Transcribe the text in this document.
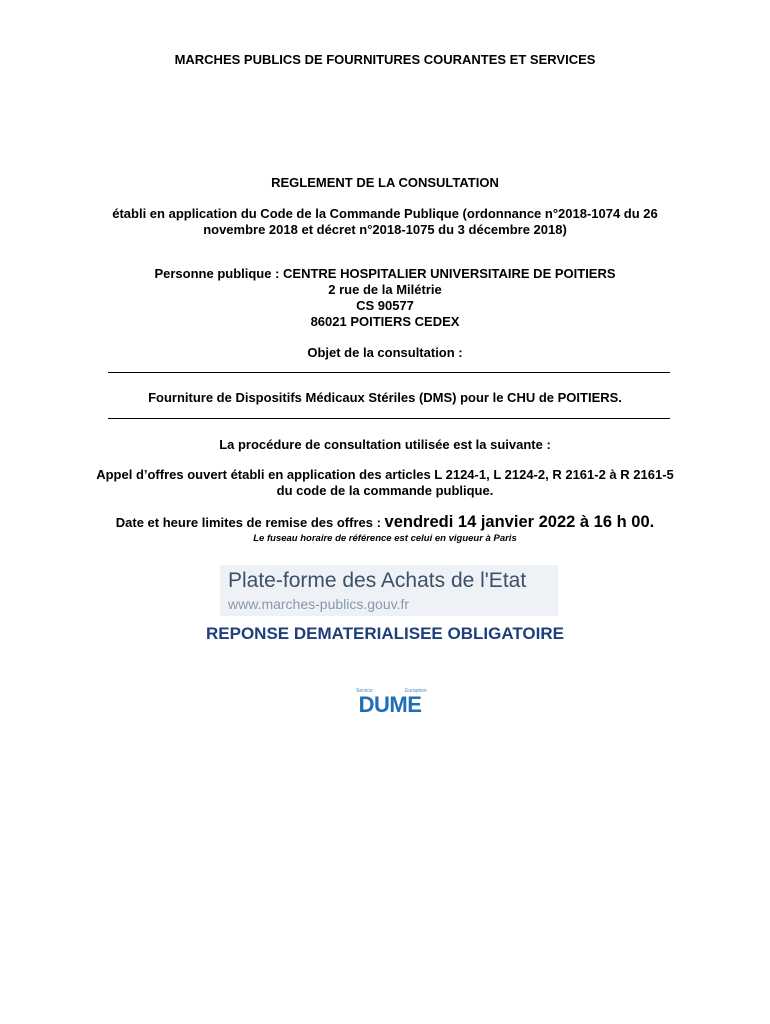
MARCHES PUBLICS DE FOURNITURES COURANTES ET SERVICES
REGLEMENT DE LA CONSULTATION
établi en application du Code de la Commande Publique (ordonnance n°2018-1074 du 26
novembre 2018 et décret n°2018-1075 du 3 décembre 2018)
Personne publique : CENTRE HOSPITALIER UNIVERSITAIRE DE POITIERS
2 rue de la Milétrie
CS 90577
86021 POITIERS CEDEX
Objet de la consultation :
Fourniture de Dispositifs Médicaux Stériles (DMS) pour le CHU de POITIERS.
La procédure de consultation utilisée est la suivante :
Appel d’offres ouvert établi en application des articles L 2124-1, L 2124-2, R 2161-2 à R 2161-5
du code de la commande publique.
Date et heure limites de remise des offres : vendredi 14 janvier 2022 à 16 h 00.
Le fuseau horaire de référence est celui en vigueur à Paris
Plate-forme des Achats de l'Etat
www.marches-publics.gouv.fr
REPONSE DEMATERIALISEE OBLIGATOIRE
Service	Européen
DUME
